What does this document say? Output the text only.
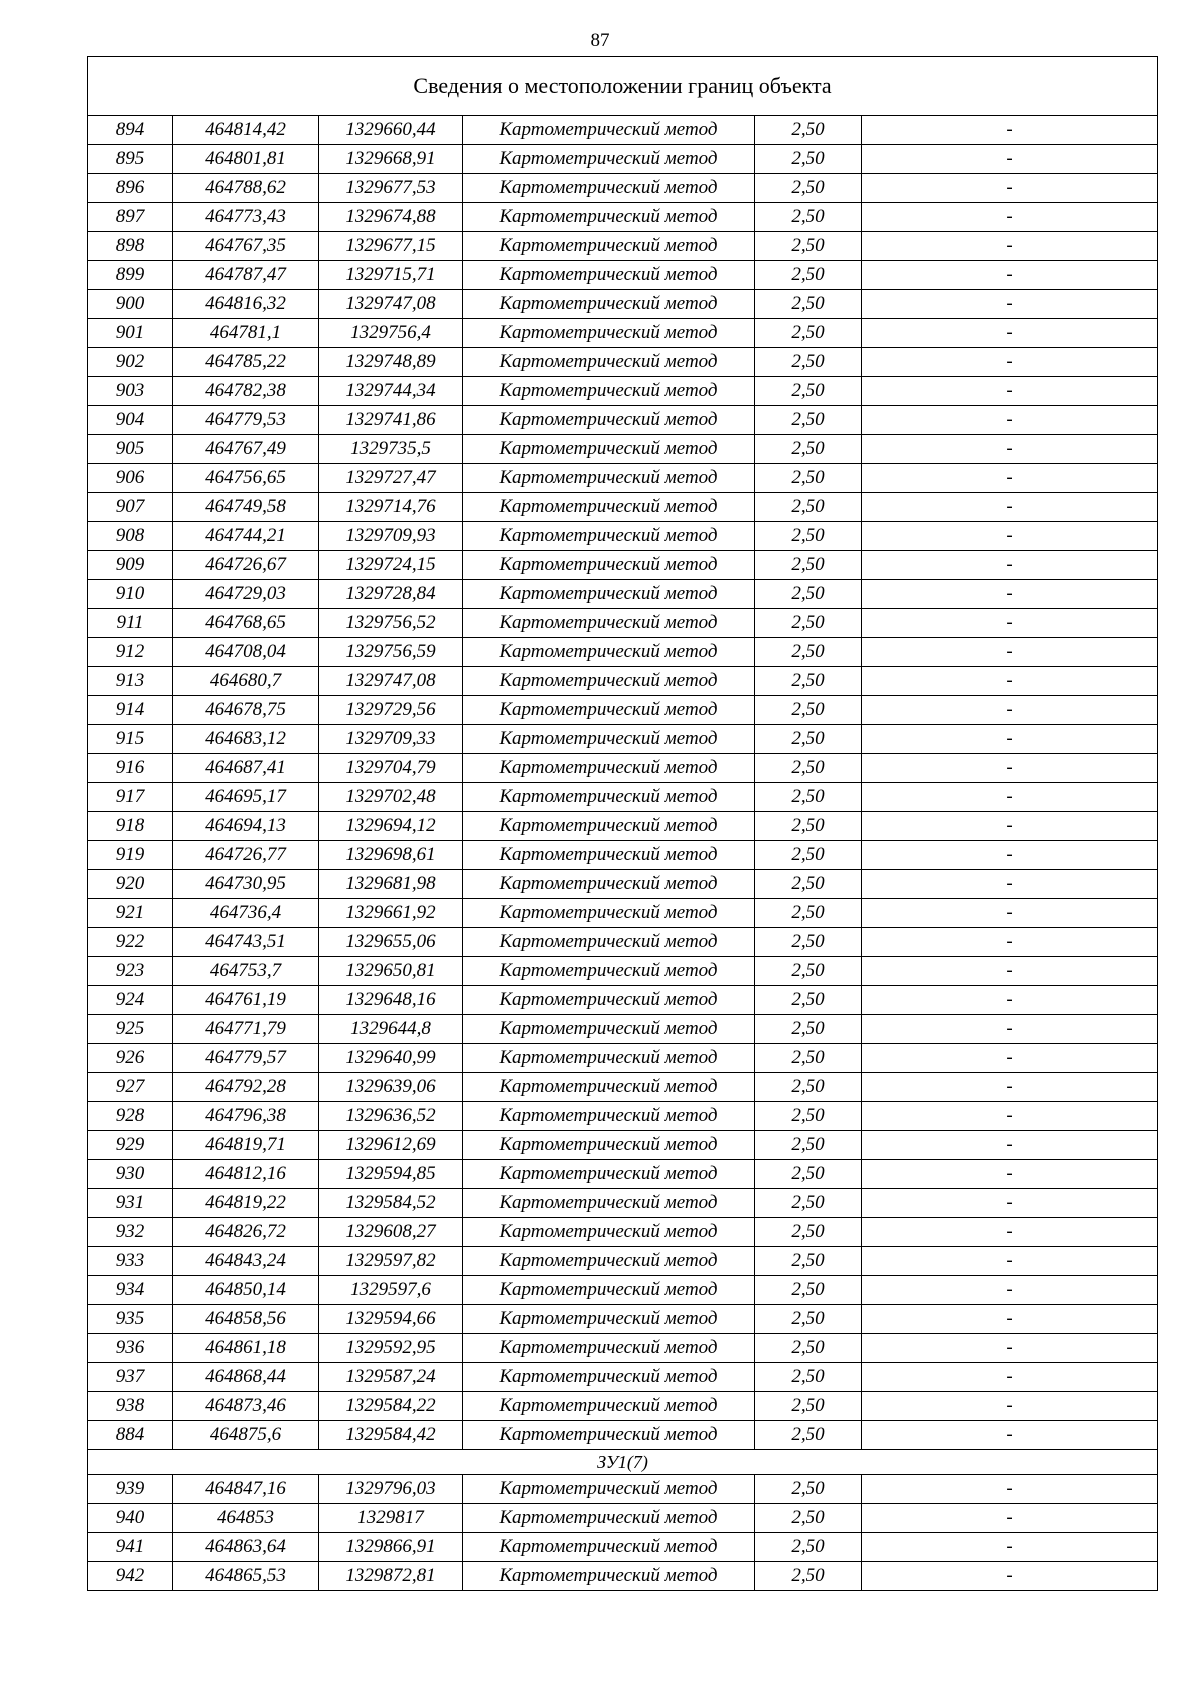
87
Сведения о местоположении границ объекта					
894	464814,42	1329660,44	Картометрический метод	2,50	-
895	464801,81	1329668,91	Картометрический метод	2,50	-
896	464788,62	1329677,53	Картометрический метод	2,50	-
897	464773,43	1329674,88	Картометрический метод	2,50	-
898	464767,35	1329677,15	Картометрический метод	2,50	-
899	464787,47	1329715,71	Картометрический метод	2,50	-
900	464816,32	1329747,08	Картометрический метод	2,50	-
901	464781,1	1329756,4	Картометрический метод	2,50	-
902	464785,22	1329748,89	Картометрический метод	2,50	-
903	464782,38	1329744,34	Картометрический метод	2,50	-
904	464779,53	1329741,86	Картометрический метод	2,50	-
905	464767,49	1329735,5	Картометрический метод	2,50	-
906	464756,65	1329727,47	Картометрический метод	2,50	-
907	464749,58	1329714,76	Картометрический метод	2,50	-
908	464744,21	1329709,93	Картометрический метод	2,50	-
909	464726,67	1329724,15	Картометрический метод	2,50	-
910	464729,03	1329728,84	Картометрический метод	2,50	-
911	464768,65	1329756,52	Картометрический метод	2,50	-
912	464708,04	1329756,59	Картометрический метод	2,50	-
913	464680,7	1329747,08	Картометрический метод	2,50	-
914	464678,75	1329729,56	Картометрический метод	2,50	-
915	464683,12	1329709,33	Картометрический метод	2,50	-
916	464687,41	1329704,79	Картометрический метод	2,50	-
917	464695,17	1329702,48	Картометрический метод	2,50	-
918	464694,13	1329694,12	Картометрический метод	2,50	-
919	464726,77	1329698,61	Картометрический метод	2,50	-
920	464730,95	1329681,98	Картометрический метод	2,50	-
921	464736,4	1329661,92	Картометрический метод	2,50	-
922	464743,51	1329655,06	Картометрический метод	2,50	-
923	464753,7	1329650,81	Картометрический метод	2,50	-
924	464761,19	1329648,16	Картометрический метод	2,50	-
925	464771,79	1329644,8	Картометрический метод	2,50	-
926	464779,57	1329640,99	Картометрический метод	2,50	-
927	464792,28	1329639,06	Картометрический метод	2,50	-
928	464796,38	1329636,52	Картометрический метод	2,50	-
929	464819,71	1329612,69	Картометрический метод	2,50	-
930	464812,16	1329594,85	Картометрический метод	2,50	-
931	464819,22	1329584,52	Картометрический метод	2,50	-
932	464826,72	1329608,27	Картометрический метод	2,50	-
933	464843,24	1329597,82	Картометрический метод	2,50	-
934	464850,14	1329597,6	Картометрический метод	2,50	-
935	464858,56	1329594,66	Картометрический метод	2,50	-
936	464861,18	1329592,95	Картометрический метод	2,50	-
937	464868,44	1329587,24	Картометрический метод	2,50	-
938	464873,46	1329584,22	Картометрический метод	2,50	-
884	464875,6	1329584,42	Картометрический метод	2,50	-
ЗУ1(7)					
939	464847,16	1329796,03	Картометрический метод	2,50	-
940	464853	1329817	Картометрический метод	2,50	-
941	464863,64	1329866,91	Картометрический метод	2,50	-
942	464865,53	1329872,81	Картометрический метод	2,50	-
